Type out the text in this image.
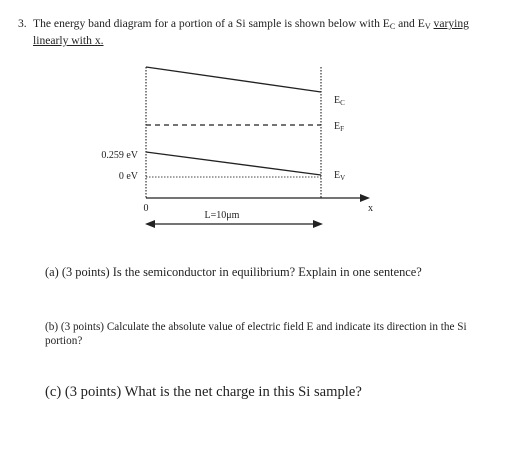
3. The energy band diagram for a portion of a Si sample is shown below with $E_C$ and $E_V$ varying
linearly with x.
$E_C$
$E_F$
$E_V$
0.259 eV
0 eV
0	x
L=10μm
(a) (3 points) Is the semiconductor in equilibrium? Explain in one sentence?
(b) (3 points) Calculate the absolute value of electric field E and indicate its direction in the Si portion?
(c) (3 points) What is the net charge in this Si sample?
